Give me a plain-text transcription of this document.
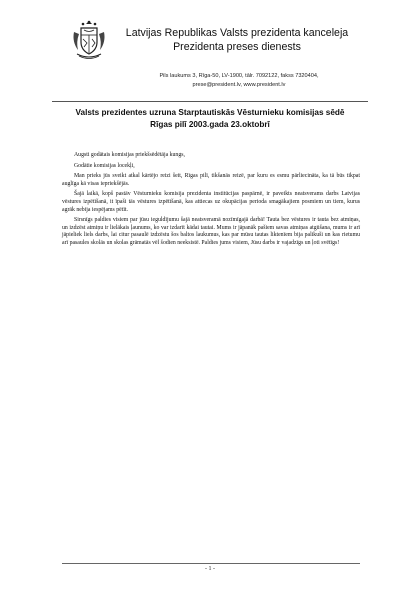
Latvijas Republikas Valsts prezidenta kanceleja
Prezidenta preses dienests
Pils laukums 3, Rīga-50, LV-1900, tālr. 7092122, fakss 7320404,
prese@president.lv, www.president.lv
Valsts prezidentes uzruna Starptautiskās Vēsturnieku komisijas sēdē
Rīgas pilī 2003.gada 23.oktobrī

Augsti godātais komisijas priekšsēdētāja kungs,

Godātie komisijas locekļi,

Man prieks jūs sveikt atkal kārtējo reizi šeit, Rīgas pilī, tikšanās reizē, par kuru es esmu pārliecināta, ka tā būs tikpat auglīga kā visas iepriekšējās.

Šajā laikā, kopš pastāv Vēsturnieku komisija prezidenta institūcijas paspārnē, ir paveikts neatsverams darbs Latvijas vēstures izpētīšanā, it īpaši tās vēstures izpētīšanā, kas attiecas uz okupācijas perioda smagākajiem posmiem un tiem, kurus agrāk nebija iespējams pētīt.

Sirsnīgs paldies visiem par jūsu ieguldījumu šajā neatsveramā nozīmīgajā darbā! Tauta bez vēstures ir tauta bez atmiņas, un izdzēst atmiņu ir lielākais ļaunums, ko var izdarīt kādai tautai. Mums ir jāpanāk pašiem savas atmiņas atgūšana, mums ir arī jāpieliek liels darbs, lai citur pasaulē izdzēstu šos baltos laukumus, kas par mūsu tautas liktenīem bija palikuši un kas rietumu arī pasaules skolās un skolas grāmatās vēl šodien neeksistē. Paldies jums visiem, Jūsu darbs ir vajadzīgs un ļoti svētīgs!

- 1 -
